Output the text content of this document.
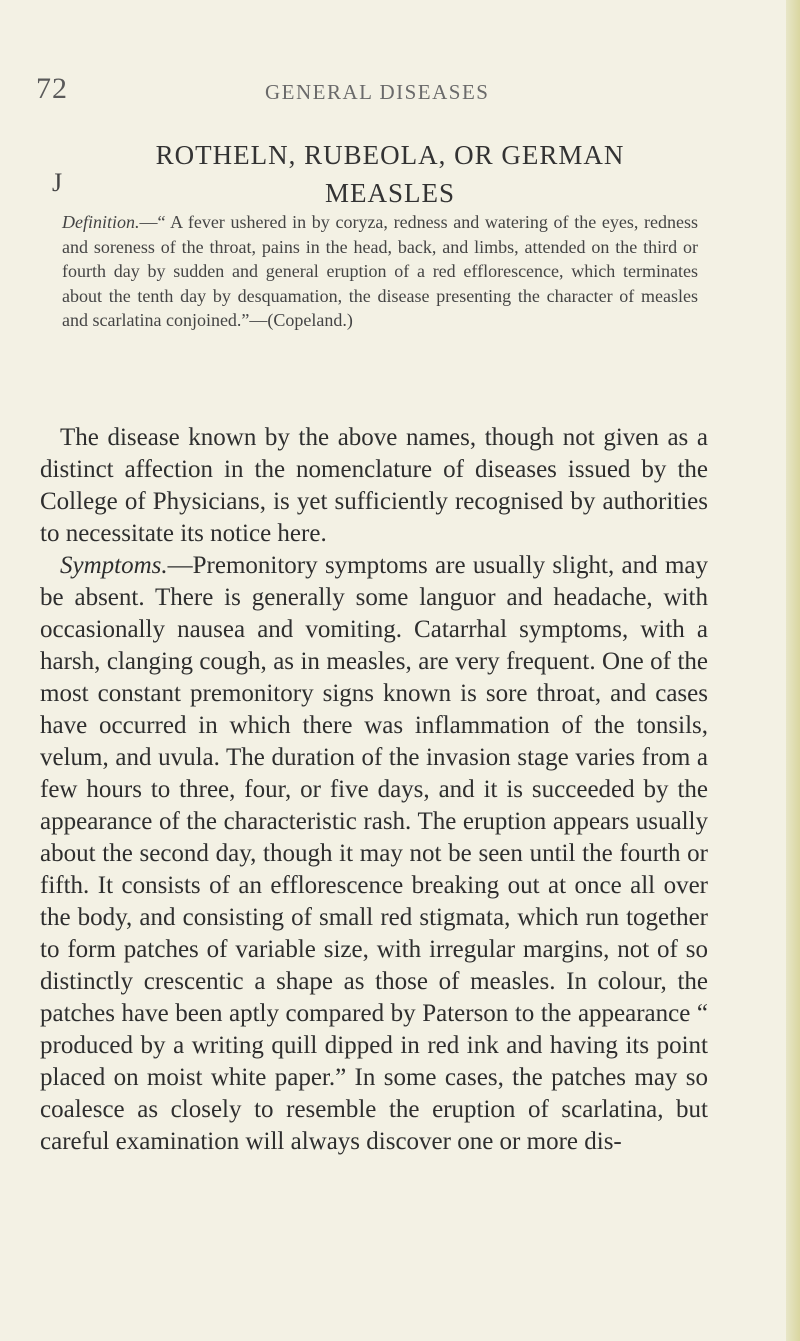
72	GENERAL DISEASES
J
ROTHELN, RUBEOLA, OR GERMAN
MEASLES
Definition.—“ A fever ushered in by coryza, redness and watering of the eyes, redness and soreness of the throat, pains in the head, back, and limbs, attended on the third or fourth day by sudden and general eruption of a red efflorescence, which terminates about the tenth day by desquamation, the disease presenting the character of measles and scarlatina conjoined.”—(Copeland.)

The disease known by the above names, though not given as a distinct affection in the nomenclature of diseases issued by the College of Physicians, is yet sufficiently recognised by authorities to necessitate its notice here.

Symptoms.—Premonitory symptoms are usually slight, and may be absent. There is generally some languor and headache, with occasionally nausea and vomiting. Catarrhal symptoms, with a harsh, clanging cough, as in measles, are very frequent. One of the most constant premonitory signs known is sore throat, and cases have occurred in which there was inflammation of the tonsils, velum, and uvula. The duration of the invasion stage varies from a few hours to three, four, or five days, and it is succeeded by the appearance of the characteristic rash. The eruption appears usually about the second day, though it may not be seen until the fourth or fifth. It consists of an efflorescence breaking out at once all over the body, and consisting of small red stigmata, which run together to form patches of variable size, with irregular margins, not of so distinctly crescentic a shape as those of measles. In colour, the patches have been aptly compared by Paterson to the appearance “ produced by a writing quill dipped in red ink and having its point placed on moist white paper.” In some cases, the patches may so coalesce as closely to resemble the eruption of scarlatina, but careful examination will always discover one or more dis-
